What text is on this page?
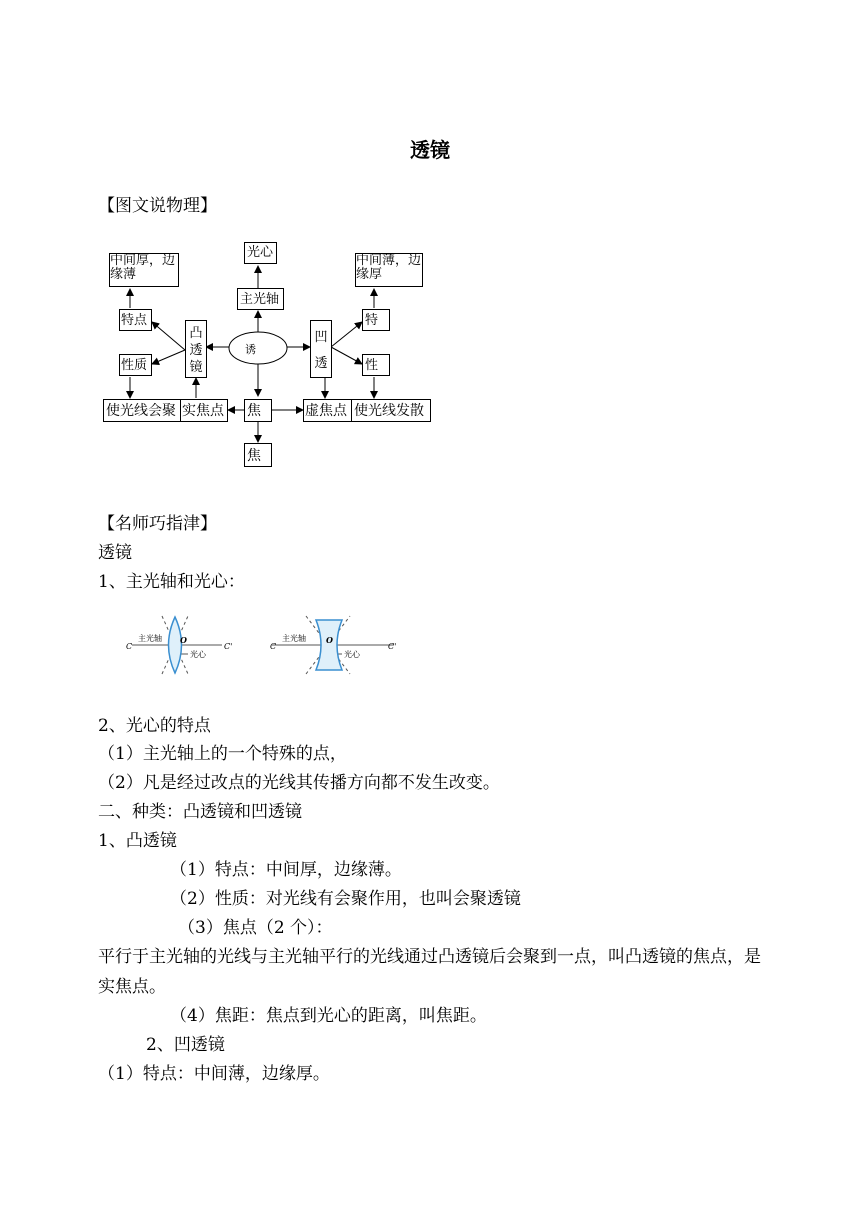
透镜
【图文说物理】
中间厚，边缘薄
中间薄，边缘厚
光心
主光轴
特点	特
性质	性
凸透镜
凹透
诱
使光线会聚 实焦点 焦	虚焦点 使光线发散
焦
【名师巧指津】
透镜
1、主光轴和光心：
C
主光轴 O
C'
光心
C
主光轴	O
C'
光心
2、光心的特点
（1）主光轴上的一个特殊的点，
（2）凡是经过改点的光线其传播方向都不发生改变。
二、种类：凸透镜和凹透镜
1、凸透镜
（1）特点：中间厚，边缘薄。
（2）性质：对光线有会聚作用，也叫会聚透镜
（3）焦点（2 个）：
平行于主光轴的光线与主光轴平行的光线通过凸透镜后会聚到一点，叫凸透镜的焦点，是实焦点。
（4）焦距：焦点到光心的距离，叫焦距。
2、凹透镜
（1）特点：中间薄，边缘厚。
